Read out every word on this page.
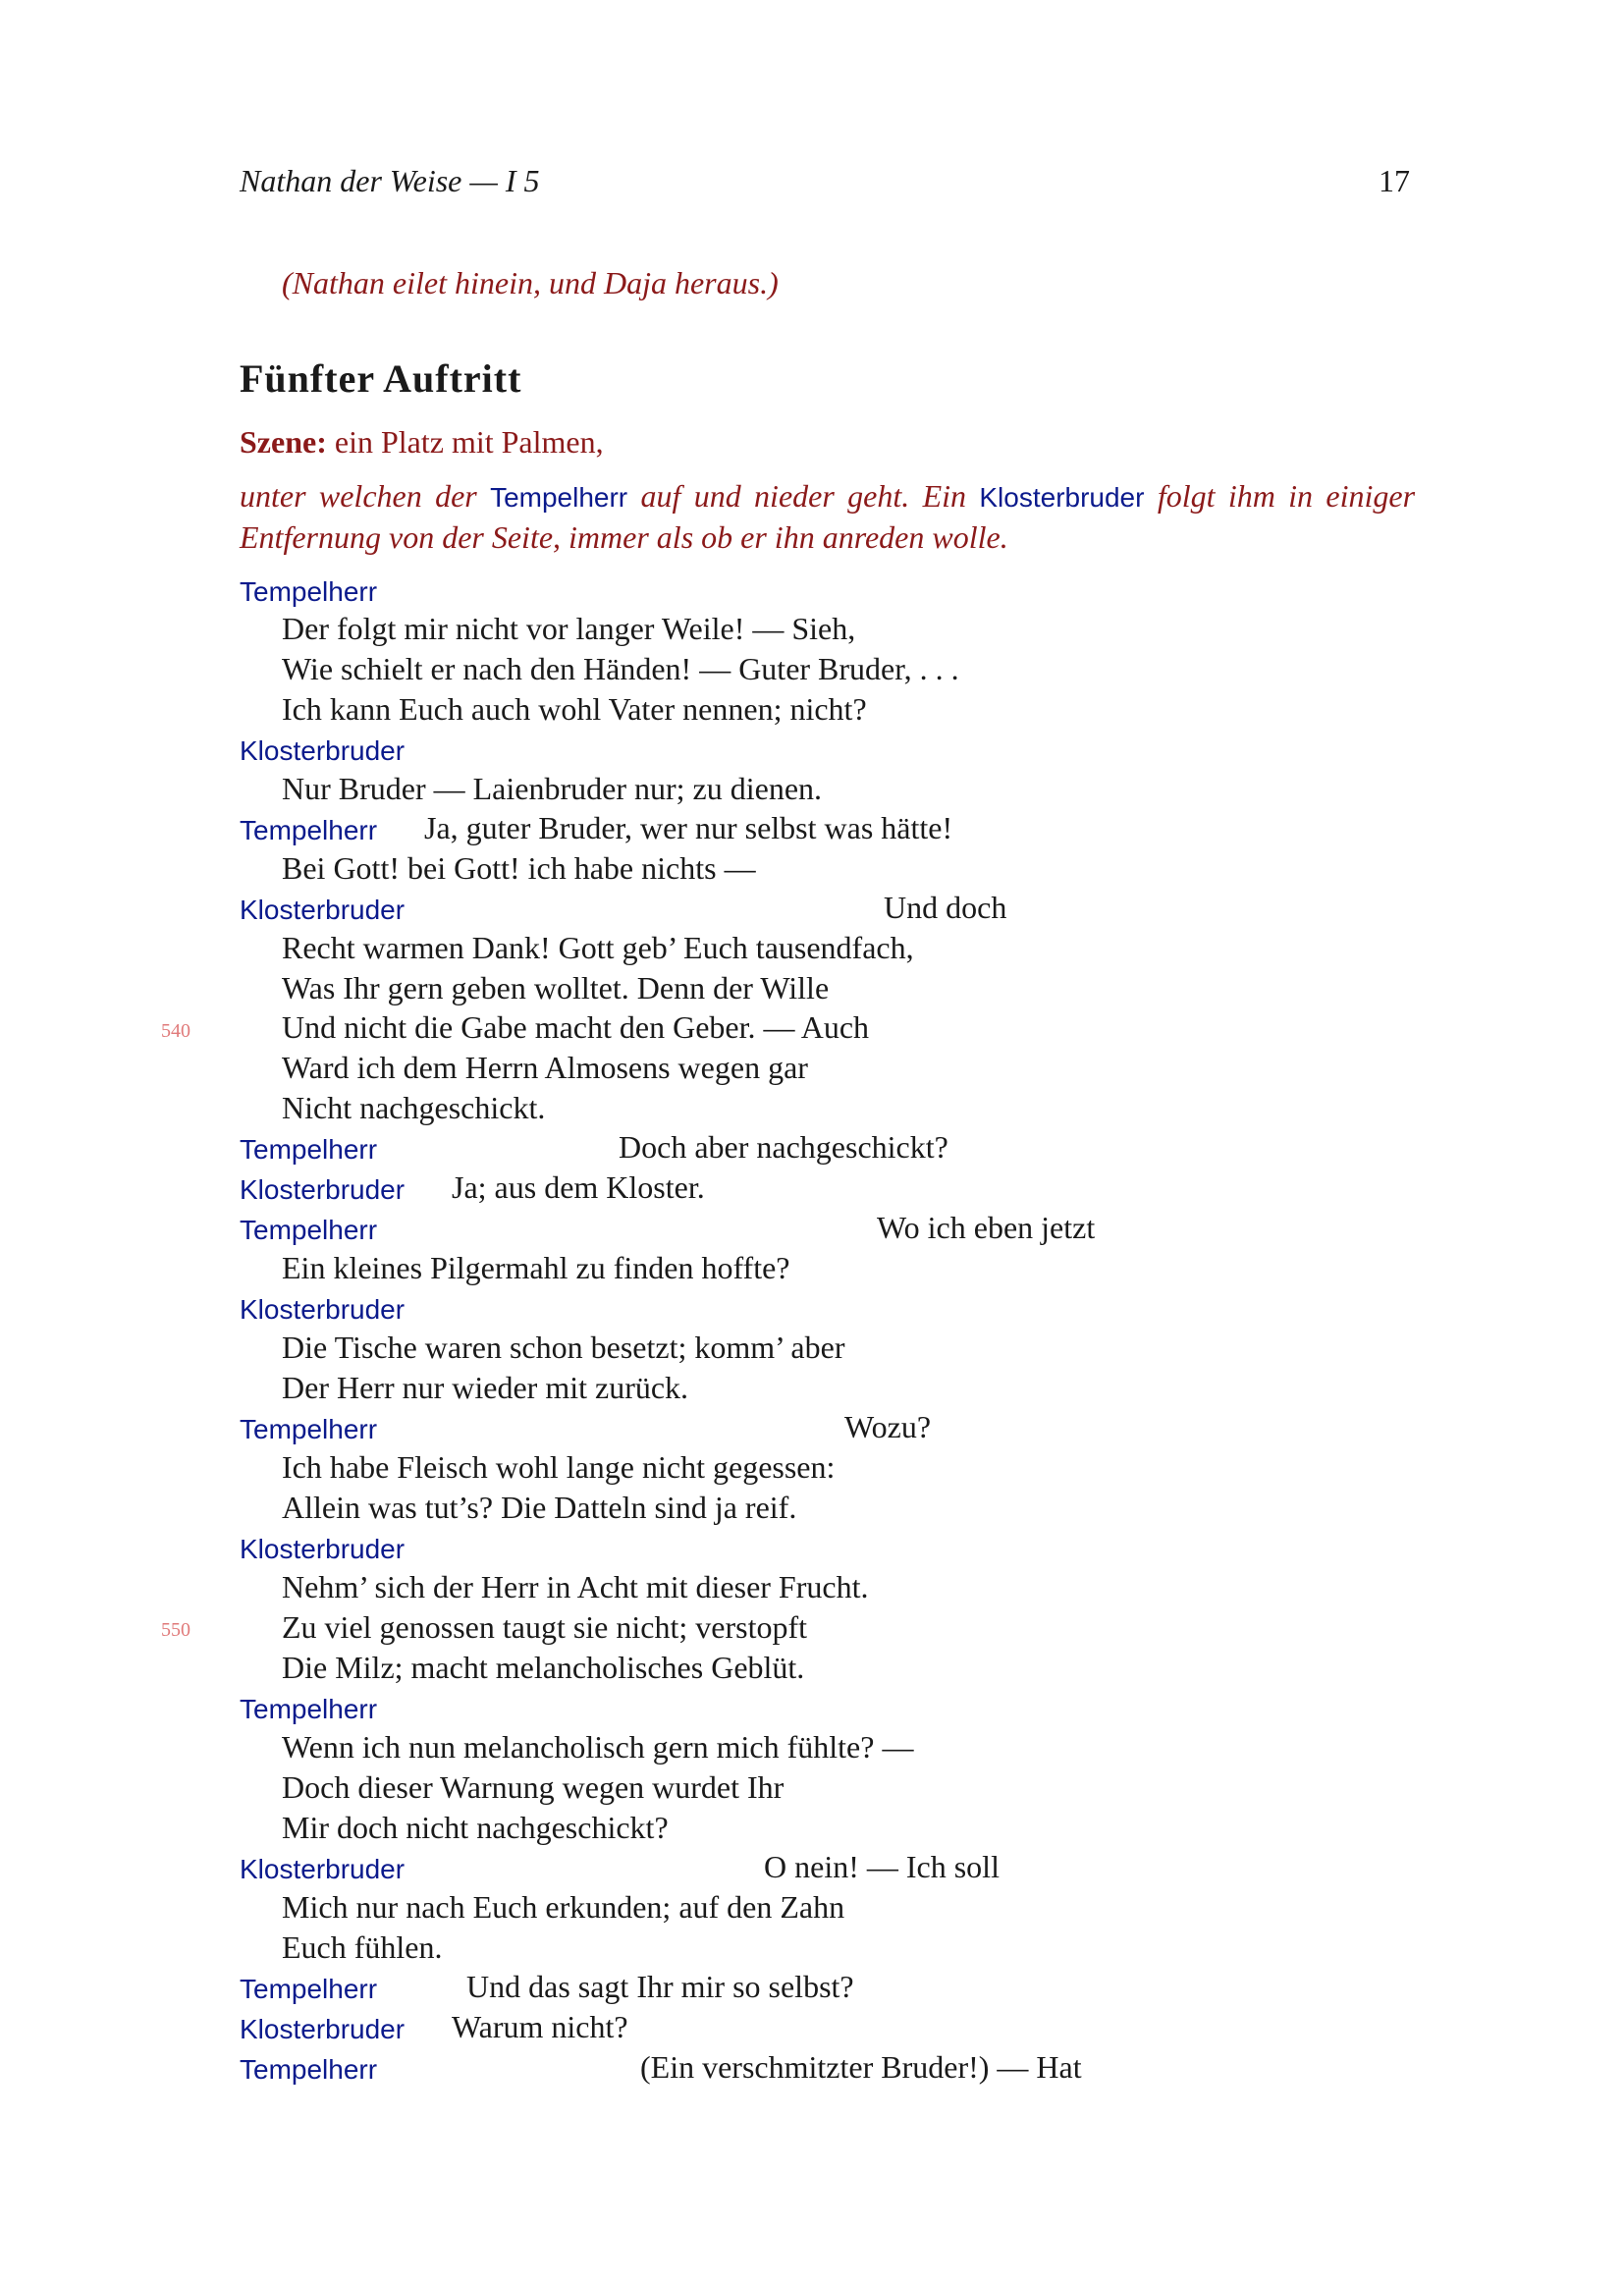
Nathan der Weise — I 5	17
(Nathan eilet hinein, und Daja heraus.)
Fünfter Auftritt
Szene: ein Platz mit Palmen,
unter welchen der Tempelherr auf und nieder geht. Ein Klosterbruder folgt ihm in einiger Entfernung von der Seite, immer als ob er ihn anreden wolle.
Tempelherr
Der folgt mir nicht vor langer Weile! — Sieh,
Wie schielt er nach den Händen! — Guter Bruder, . . .
Ich kann Euch auch wohl Vater nennen; nicht?
Klosterbruder
Nur Bruder — Laienbruder nur; zu dienen.
Tempelherr Ja, guter Bruder, wer nur selbst was hätte!
Bei Gott! bei Gott! ich habe nichts —
Klosterbruder	Und doch
Recht warmen Dank! Gott geb’ Euch tausendfach,
Was Ihr gern geben wolltet. Denn der Wille
540	Und nicht die Gabe macht den Geber. — Auch
Ward ich dem Herrn Almosens wegen gar
Nicht nachgeschickt.
Tempelherr	Doch aber nachgeschickt?
Klosterbruder Ja; aus dem Kloster.
Tempelherr	Wo ich eben jetzt
Ein kleines Pilgermahl zu finden hoffte?
Klosterbruder
Die Tische waren schon besetzt; komm’ aber
Der Herr nur wieder mit zurück.
Tempelherr	Wozu?
Ich habe Fleisch wohl lange nicht gegessen:
Allein was tut’s? Die Datteln sind ja reif.
Klosterbruder
Nehm’ sich der Herr in Acht mit dieser Frucht.
550	Zu viel genossen taugt sie nicht; verstopft
Die Milz; macht melancholisches Geblüt.
Tempelherr
Wenn ich nun melancholisch gern mich fühlte? —
Doch dieser Warnung wegen wurdet Ihr
Mir doch nicht nachgeschickt?
Klosterbruder	O nein! — Ich soll
Mich nur nach Euch erkunden; auf den Zahn
Euch fühlen.
Tempelherr	Und das sagt Ihr mir so selbst?
Klosterbruder Warum nicht?
Tempelherr	(Ein verschmitzter Bruder!) — Hat
